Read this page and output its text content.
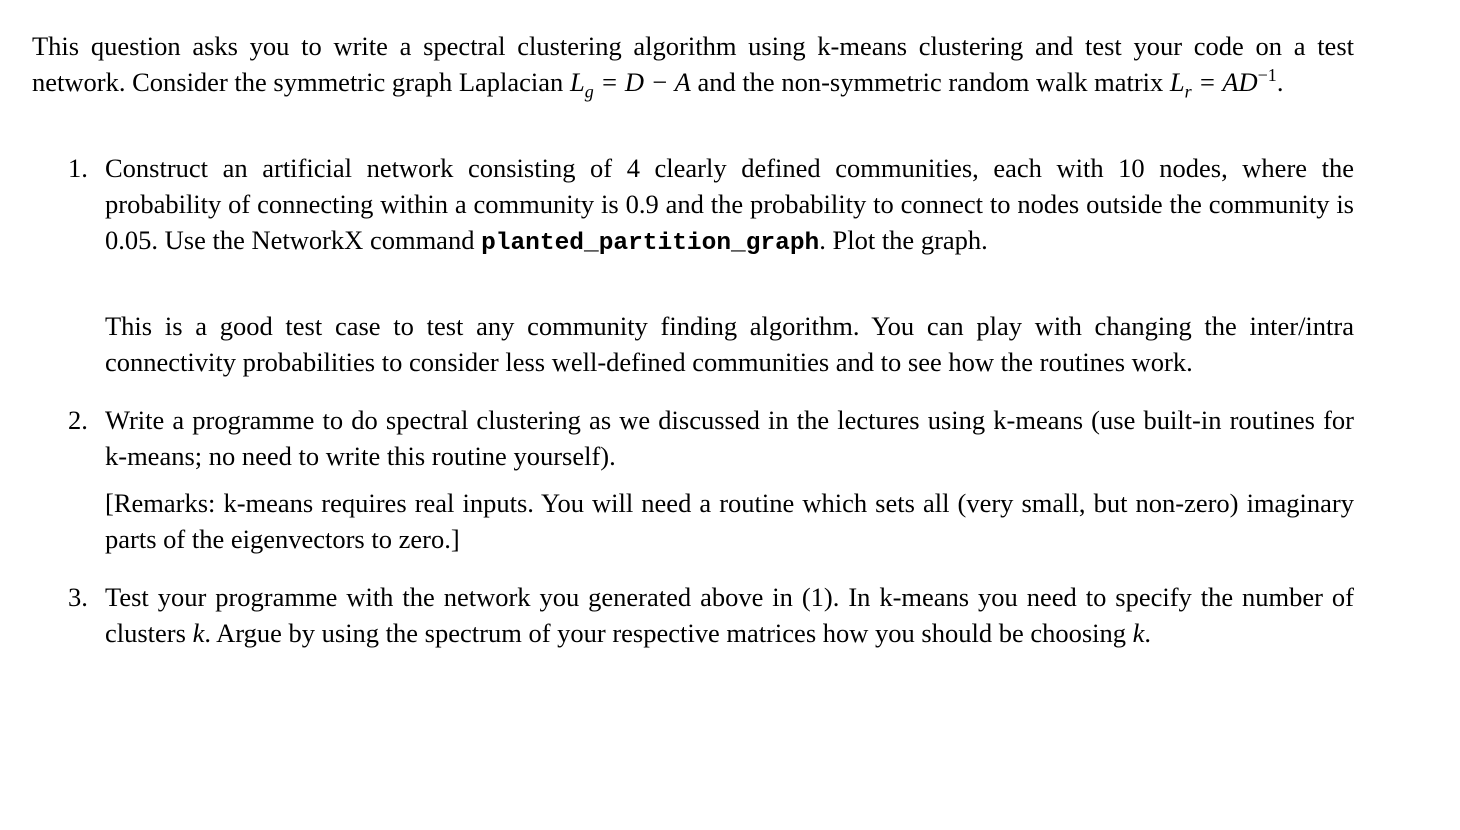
This question asks you to write a spectral clustering algorithm using k-means clustering and test your code on a test network. Consider the symmetric graph Laplacian $L_g = D - A$ and the non-symmetric random walk matrix $L_r = AD^{-1}$.

1. Construct an artificial network consisting of 4 clearly defined communities, each with 10 nodes, where the probability of connecting within a community is 0.9 and the probability to connect to nodes outside the community is 0.05. Use the NetworkX command planted_partition_graph. Plot the graph.

This is a good test case to test any community finding algorithm. You can play with changing the inter/intra connectivity probabilities to consider less well-defined communities and to see how the routines work.

2. Write a programme to do spectral clustering as we discussed in the lectures using k-means (use built-in routines for k-means; no need to write this routine yourself).

[Remarks: k-means requires real inputs. You will need a routine which sets all (very small, but non-zero) imaginary parts of the eigenvectors to zero.]

3. Test your programme with the network you generated above in (1). In k-means you need to specify the number of clusters k. Argue by using the spectrum of your respective matrices how you should be choosing k.
